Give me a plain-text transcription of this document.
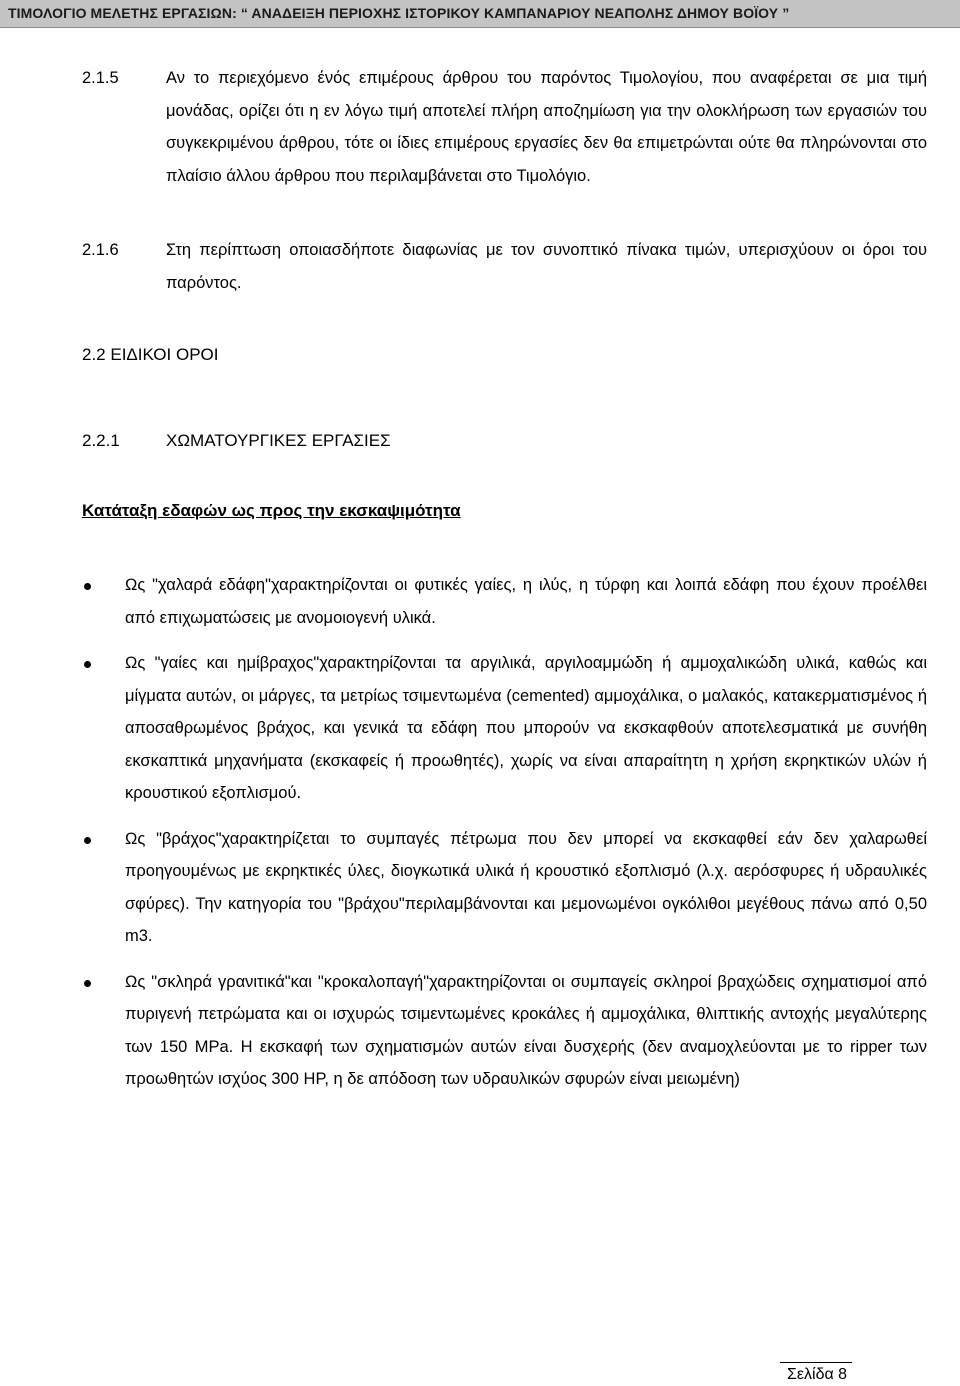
ΤΙΜΟΛΟΓΙΟ ΜΕΛΕΤΗΣ ΕΡΓΑΣΙΩΝ: “ ΑΝΑΔΕΙΞΗ ΠΕΡΙΟΧΗΣ ΙΣΤΟΡΙΚΟΥ ΚΑΜΠΑΝΑΡΙΟΥ ΝΕΑΠΟΛΗΣ ΔΗΜΟΥ ΒΟΪΟΥ ”
2.1.5	Αν το περιεχόμενο ένός επιμέρους άρθρου του παρόντος Τιμολογίου, που αναφέρεται σε μια τιμή μονάδας, ορίζει ότι η εν λόγω τιμή αποτελεί πλήρη αποζημίωση για την ολοκλήρωση των εργασιών του συγκεκριμένου άρθρου, τότε οι ίδιες επιμέρους εργασίες δεν θα επιμετρώνται ούτε θα πληρώνονται στο πλαίσιο άλλου άρθρου που περιλαμβάνεται στο Τιμολόγιο.
2.1.6	Στη περίπτωση οποιασδήποτε διαφωνίας με τον συνοπτικό πίνακα τιμών, υπερισχύουν οι όροι του παρόντος.
2.2 ΕΙΔΙΚΟΙ ΟΡΟΙ
2.2.1	ΧΩΜΑΤΟΥΡΓΙΚΕΣ ΕΡΓΑΣΙΕΣ
Κατάταξη εδαφών ως προς την εκσκαψιμότητα
Ως "χαλαρά εδάφη"χαρακτηρίζονται οι φυτικές γαίες, η ιλύς, η τύρφη και λοιπά εδάφη που έχουν προέλθει από επιχωματώσεις με ανομοιογενή υλικά.
Ως "γαίες και ημίβραχος"χαρακτηρίζονται τα αργιλικά, αργιλοαμμώδη ή αμμοχαλικώδη υλικά, καθώς και μίγματα αυτών, οι μάργες, τα μετρίως τσιμεντωμένα (cemented) αμμοχάλικα, ο μαλακός, κατακερματισμένος ή αποσαθρωμένος βράχος, και γενικά τα εδάφη που μπορούν να εκσκαφθούν αποτελεσματικά με συνήθη εκσκαπτικά μηχανήματα (εκσκαφείς ή προωθητές), χωρίς να είναι απαραίτητη η χρήση εκρηκτικών υλών ή κρουστικού εξοπλισμού.
Ως "βράχος"χαρακτηρίζεται το συμπαγές πέτρωμα που δεν μπορεί να εκσκαφθεί εάν δεν χαλαρωθεί προηγουμένως με εκρηκτικές ύλες, διογκωτικά υλικά ή κρουστικό εξοπλισμό (λ.χ. αερόσφυρες ή υδραυλικές σφύρες). Την κατηγορία του "βράχου"περιλαμβάνονται και μεμονωμένοι ογκόλιθοι μεγέθους πάνω από 0,50 m3.
Ως "σκληρά γρανιτικά"και "κροκαλοπαγή"χαρακτηρίζονται οι συμπαγείς σκληροί βραχώδεις σχηματισμοί από πυριγενή πετρώματα και οι ισχυρώς τσιμεντωμένες κροκάλες ή αμμοχάλικα, θλιπτικής αντοχής μεγαλύτερης των 150 MPa. Η εκσκαφή των σχηματισμών αυτών είναι δυσχερής (δεν αναμοχλεύονται με το ripper των προωθητών ισχύος 300 HP, η δε απόδοση των υδραυλικών σφυρών είναι μειωμένη)
Σελίδα 8
